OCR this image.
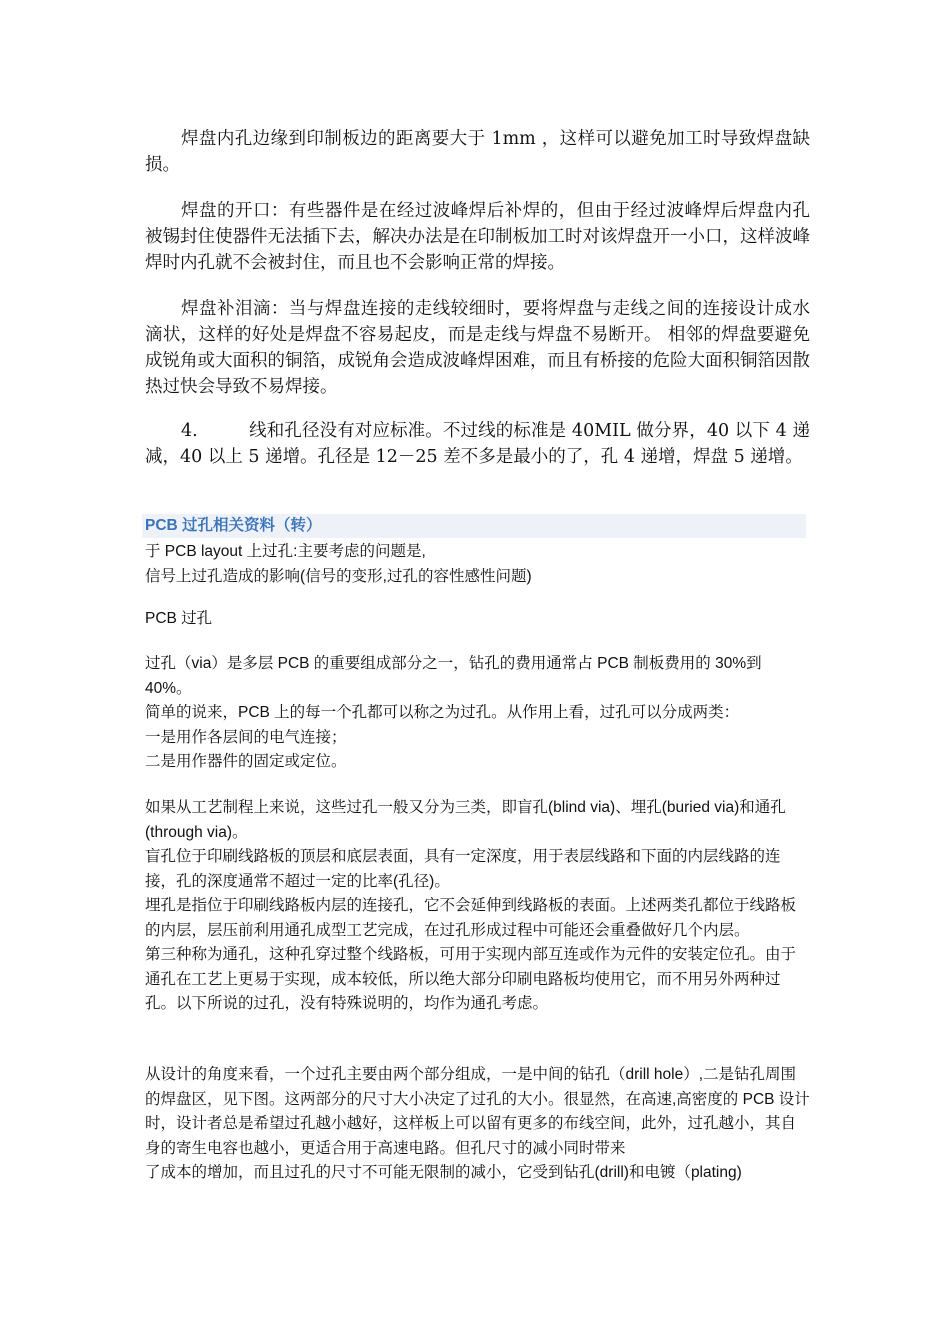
焊盘内孔边缘到印制板边的距离要大于 1mm ，这样可以避免加工时导致焊盘缺损。

焊盘的开口：有些器件是在经过波峰焊后补焊的，但由于经过波峰焊后焊盘内孔被锡封住使器件无法插下去，解决办法是在印制板加工时对该焊盘开一小口，这样波峰焊时内孔就不会被封住，而且也不会影响正常的焊接。

焊盘补泪滴：当与焊盘连接的走线较细时，要将焊盘与走线之间的连接设计成水滴状，这样的好处是焊盘不容易起皮，而是走线与焊盘不易断开。 相邻的焊盘要避免成锐角或大面积的铜箔，成锐角会造成波峰焊困难，而且有桥接的危险大面积铜箔因散热过快会导致不易焊接。

4.	线和孔径没有对应标准。不过线的标准是 40MIL 做分界，40 以下 4 递减，40 以上 5 递增。孔径是 12－25 差不多是最小的了，孔 4 递增，焊盘 5 递增。

PCB 过孔相关资料（转）
于 PCB layout 上过孔:主要考虑的问题是,
信号上过孔造成的影响(信号的变形,过孔的容性感性问题)
PCB 过孔
过孔（via）是多层 PCB 的重要组成部分之一，钻孔的费用通常占 PCB 制板费用的 30%到 40%。
简单的说来，PCB 上的每一个孔都可以称之为过孔。从作用上看，过孔可以分成两类：
一是用作各层间的电气连接；
二是用作器件的固定或定位。
如果从工艺制程上来说，这些过孔一般又分为三类，即盲孔(blind via)、埋孔(buried via)和通孔(through via)。
盲孔位于印刷线路板的顶层和底层表面，具有一定深度，用于表层线路和下面的内层线路的连接，孔的深度通常不超过一定的比率(孔径)。
埋孔是指位于印刷线路板内层的连接孔，它不会延伸到线路板的表面。上述两类孔都位于线路板的内层，层压前利用通孔成型工艺完成，在过孔形成过程中可能还会重叠做好几个内层。
第三种称为通孔，这种孔穿过整个线路板，可用于实现内部互连或作为元件的安装定位孔。由于通孔在工艺上更易于实现，成本较低，所以绝大部分印刷电路板均使用它，而不用另外两种过孔。以下所说的过孔，没有特殊说明的，均作为通孔考虑。
从设计的角度来看，一个过孔主要由两个部分组成，一是中间的钻孔（drill hole）,二是钻孔周围的焊盘区，见下图。这两部分的尺寸大小决定了过孔的大小。很显然，在高速,高密度的 PCB 设计时，设计者总是希望过孔越小越好，这样板上可以留有更多的布线空间，此外，过孔越小，其自身的寄生电容也越小，更适合用于高速电路。但孔尺寸的减小同时带来
了成本的增加，而且过孔的尺寸不可能无限制的减小，它受到钻孔(drill)和电镀（plating)
